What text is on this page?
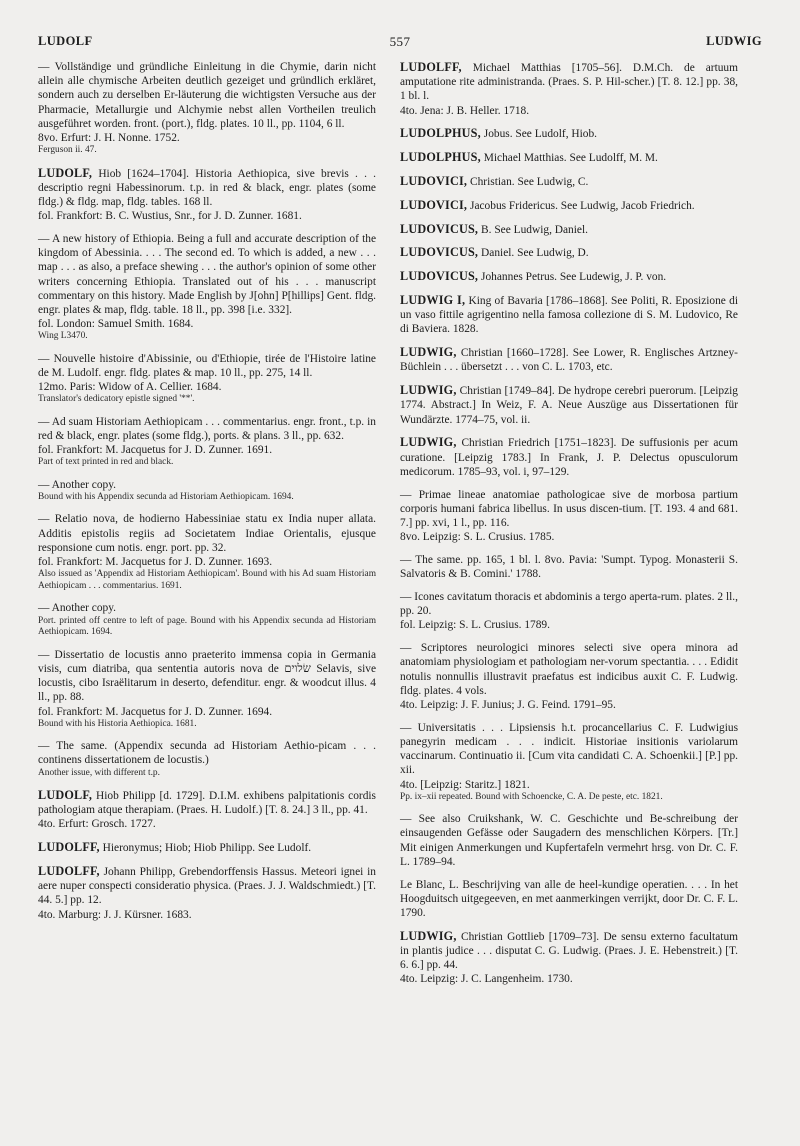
LUDOLF	557	LUDWIG

— Vollständige und gründliche Einleitung in die Chymie, darin nicht allein alle chymische Arbeiten deutlich gezeiget und gründlich erkläret, sondern auch zu derselben Er-läuterung die wichtigsten Versuche aus der Pharmacie, Metallurgie und Alchymie nebst allen Vortheilen treulich ausgeführet worden. front. (port.), fldg. plates. 10 ll., pp. 1104, 6 ll.

8vo. Erfurt: J. H. Nonne. 1752.

Ferguson ii. 47.

LUDOLF, Hiob [1624–1704]. Historia Aethiopica, sive brevis . . . descriptio regni Habessinorum. t.p. in red & black, engr. plates (some fldg.) & fldg. map, fldg. tables. 168 ll.

fol. Frankfort: B. C. Wustius, Snr., for J. D. Zunner. 1681.

— A new history of Ethiopia. Being a full and accurate description of the kingdom of Abessinia. . . . The second ed. To which is added, a new . . . map . . . as also, a preface shewing . . . the author's opinion of some other writers concerning Ethiopia. Translated out of his . . . manuscript commentary on this history. Made English by J[ohn] P[hillips] Gent. fldg. engr. plates & map, fldg. table. 18 ll., pp. 398 [i.e. 332].

fol. London: Samuel Smith. 1684.

Wing L3470.

— Nouvelle histoire d'Abissinie, ou d'Ethiopie, tirée de l'Histoire latine de M. Ludolf. engr. fldg. plates & map. 10 ll., pp. 275, 14 ll.

12mo. Paris: Widow of A. Cellier. 1684.

Translator's dedicatory epistle signed '**'.

— Ad suam Historiam Aethiopicam . . . commentarius. engr. front., t.p. in red & black, engr. plates (some fldg.), ports. & plans. 3 ll., pp. 632.

fol. Frankfort: M. Jacquetus for J. D. Zunner. 1691.

Part of text printed in red and black.

— Another copy.

Bound with his Appendix secunda ad Historiam Aethiopicam. 1694.

— Relatio nova, de hodierno Habessiniae statu ex India nuper allata. Additis epistolis regiis ad Societatem Indiae Orientalis, ejusque responsione cum notis. engr. port. pp. 32.

fol. Frankfort: M. Jacquetus for J. D. Zunner. 1693.

Also issued as 'Appendix ad Historiam Aethiopicam'. Bound with his Ad suam Historiam Aethiopicam . . . commentarius. 1691.

— Another copy.

Port. printed off centre to left of page. Bound with his Appendix secunda ad Historiam Aethiopicam. 1694.

— Dissertatio de locustis anno praeterito immensa copia in Germania visis, cum diatriba, qua sententia autoris nova de שׂלוים Selavis, sive locustis, cibo Israëlitarum in deserto, defenditur. engr. & woodcut illus. 4 ll., pp. 88.

fol. Frankfort: M. Jacquetus for J. D. Zunner. 1694.

Bound with his Historia Aethiopica. 1681.

— The same. (Appendix secunda ad Historiam Aethio-picam . . . continens dissertationem de locustis.)

Another issue, with different t.p.

LUDOLF, Hiob Philipp [d. 1729]. D.I.M. exhibens palpitationis cordis pathologiam atque therapiam. (Praes. H. Ludolf.) [T. 8. 24.] 3 ll., pp. 41.

4to. Erfurt: Grosch. 1727.

LUDOLFF, Hieronymus; Hiob; Hiob Philipp. See Ludolf.

LUDOLFF, Johann Philipp, Grebendorffensis Hassus. Meteori ignei in aere nuper conspecti consideratio physica. (Praes. J. J. Waldschmiedt.) [T. 44. 5.] pp. 12.

4to. Marburg: J. J. Kürsner. 1683.

LUDOLFF, Michael Matthias [1705–56]. D.M.Ch. de artuum amputatione rite administranda. (Praes. S. P. Hil-scher.) [T. 8. 12.] pp. 38, 1 bl. l.

4to. Jena: J. B. Heller. 1718.

LUDOLPHUS, Jobus. See Ludolf, Hiob.

LUDOLPHUS, Michael Matthias. See Ludolff, M. M.

LUDOVICI, Christian. See Ludwig, C.

LUDOVICI, Jacobus Fridericus. See Ludwig, Jacob Friedrich.

LUDOVICUS, B. See Ludwig, Daniel.

LUDOVICUS, Daniel. See Ludwig, D.

LUDOVICUS, Johannes Petrus. See Ludewig, J. P. von.

LUDWIG I, King of Bavaria [1786–1868]. See Politi, R. Eposizione di un vaso fittile agrigentino nella famosa collezione di S. M. Ludovico, Re di Baviera. 1828.

LUDWIG, Christian [1660–1728]. See Lower, R. Englisches Artzney-Büchlein . . . übersetzt . . . von C. L. 1703, etc.

LUDWIG, Christian [1749–84]. De hydrope cerebri puerorum. [Leipzig 1774. Abstract.] In Weiz, F. A. Neue Auszüge aus Dissertationen für Wundärzte. 1774–75, vol. ii.

LUDWIG, Christian Friedrich [1751–1823]. De suffusionis per acum curatione. [Leipzig 1783.] In Frank, J. P. Delectus opusculorum medicorum. 1785–93, vol. i, 97–129.

— Primae lineae anatomiae pathologicae sive de morbosa partium corporis humani fabrica libellus. In usus discen-tium. [T. 193. 4 and 681. 7.] pp. xvi, 1 l., pp. 116.

8vo. Leipzig: S. L. Crusius. 1785.

— The same. pp. 165, 1 bl. l. 8vo. Pavia: 'Sumpt. Typog. Monasterii S. Salvatoris & B. Comini.' 1788.

— Icones cavitatum thoracis et abdominis a tergo aperta-rum. plates. 2 ll., pp. 20.

fol. Leipzig: S. L. Crusius. 1789.

— Scriptores neurologici minores selecti sive opera minora ad anatomiam physiologiam et pathologiam ner-vorum spectantia. . . . Edidit notulis nonnullis illustravit praefatus est indicibus auxit C. F. Ludwig. fldg. plates. 4 vols.

4to. Leipzig: J. F. Junius; J. G. Feind. 1791–95.

— Universitatis . . . Lipsiensis h.t. procancellarius C. F. Ludwigius panegyrin medicam . . . indicit. Historiae insitionis variolarum vaccinarum. Continuatio ii. [Cum vita candidati C. A. Schoenkii.] [P.] pp. xii.

4to. [Leipzig: Staritz.] 1821.

Pp. ix–xii repeated. Bound with Schoencke, C. A. De peste, etc. 1821.

— See also Cruikshank, W. C. Geschichte und Be-schreibung der einsaugenden Gefässe oder Saugadern des menschlichen Körpers. [Tr.] Mit einigen Anmerkungen und Kupfertafeln vermehrt hrsg. von Dr. C. F. L. 1789–94.

Le Blanc, L. Beschrijving van alle de heel-kundige operatien. . . . In het Hoogduitsch uitgegeeven, en met aanmerkingen verrijkt, door Dr. C. F. L. 1790.

LUDWIG, Christian Gottlieb [1709–73]. De sensu externo facultatum in plantis judice . . . disputat C. G. Ludwig. (Praes. J. E. Hebenstreit.) [T. 6. 6.] pp. 44.

4to. Leipzig: J. C. Langenheim. 1730.
